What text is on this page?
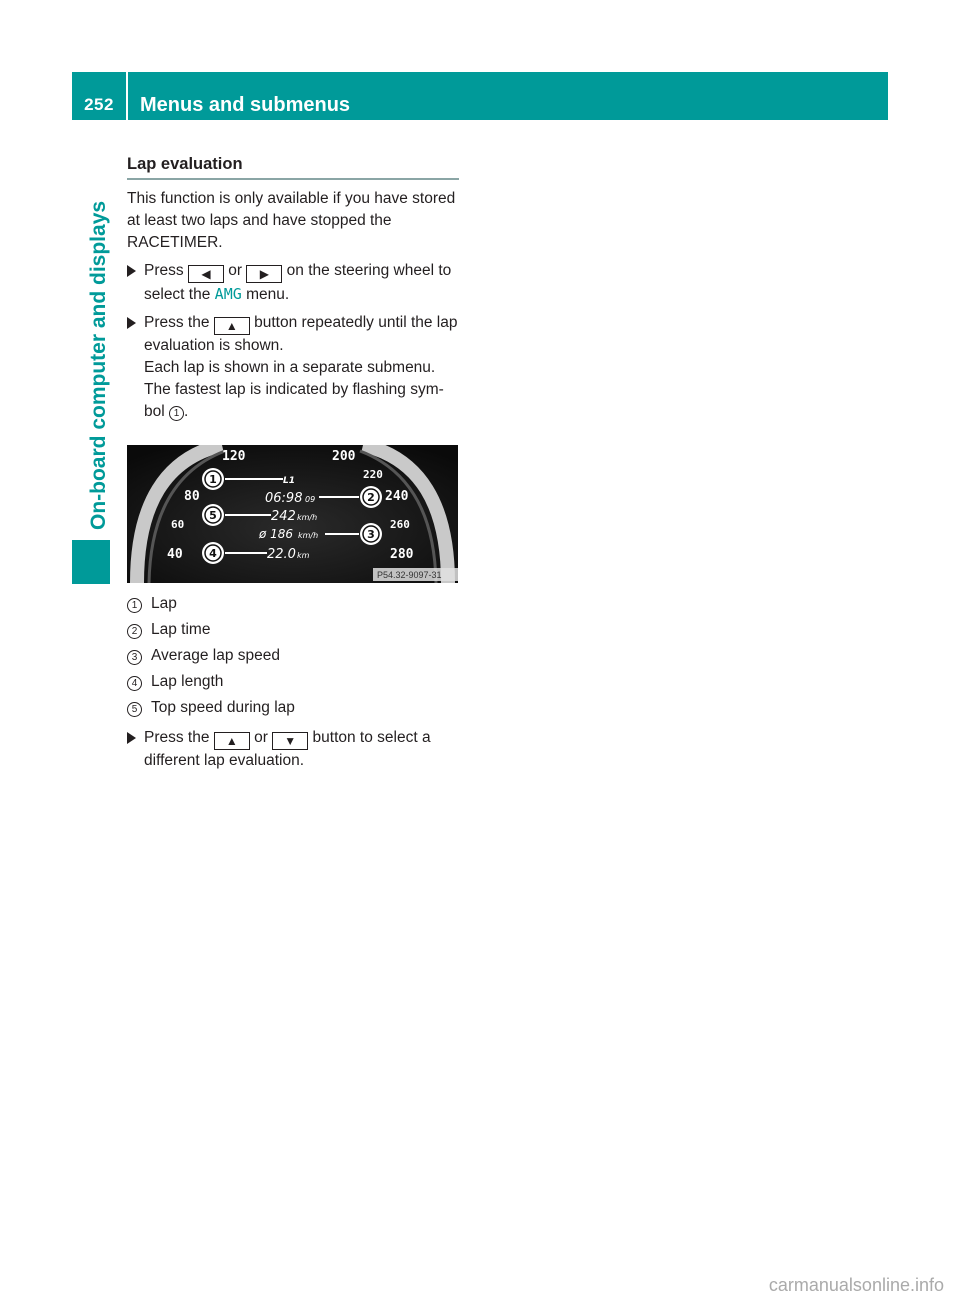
252	Menus and submenus
On-board computer and displays
Lap evaluation

This function is only available if you have stored at least two laps and have stopped the RACETIMER.

Press ◀ or ▶ on the steering wheel to select the AMG menu.
Press the ▲ button repeatedly until the lap evaluation is shown.
Each lap is shown in a separate submenu.
The fastest lap is indicated by flashing sym-bol 1 .
120	200
220
80	240
60	260
40	280
L1
06:98 09
242 km/h
ø 186 km/h
22.0 km
1
2
3
4
5
P54.32-9097-31
1 Lap
2 Lap time
3 Average lap speed
4 Lap length
5 Top speed during lap
Press the ▲ or ▼ button to select a different lap evaluation.
carmanualsonline.info
